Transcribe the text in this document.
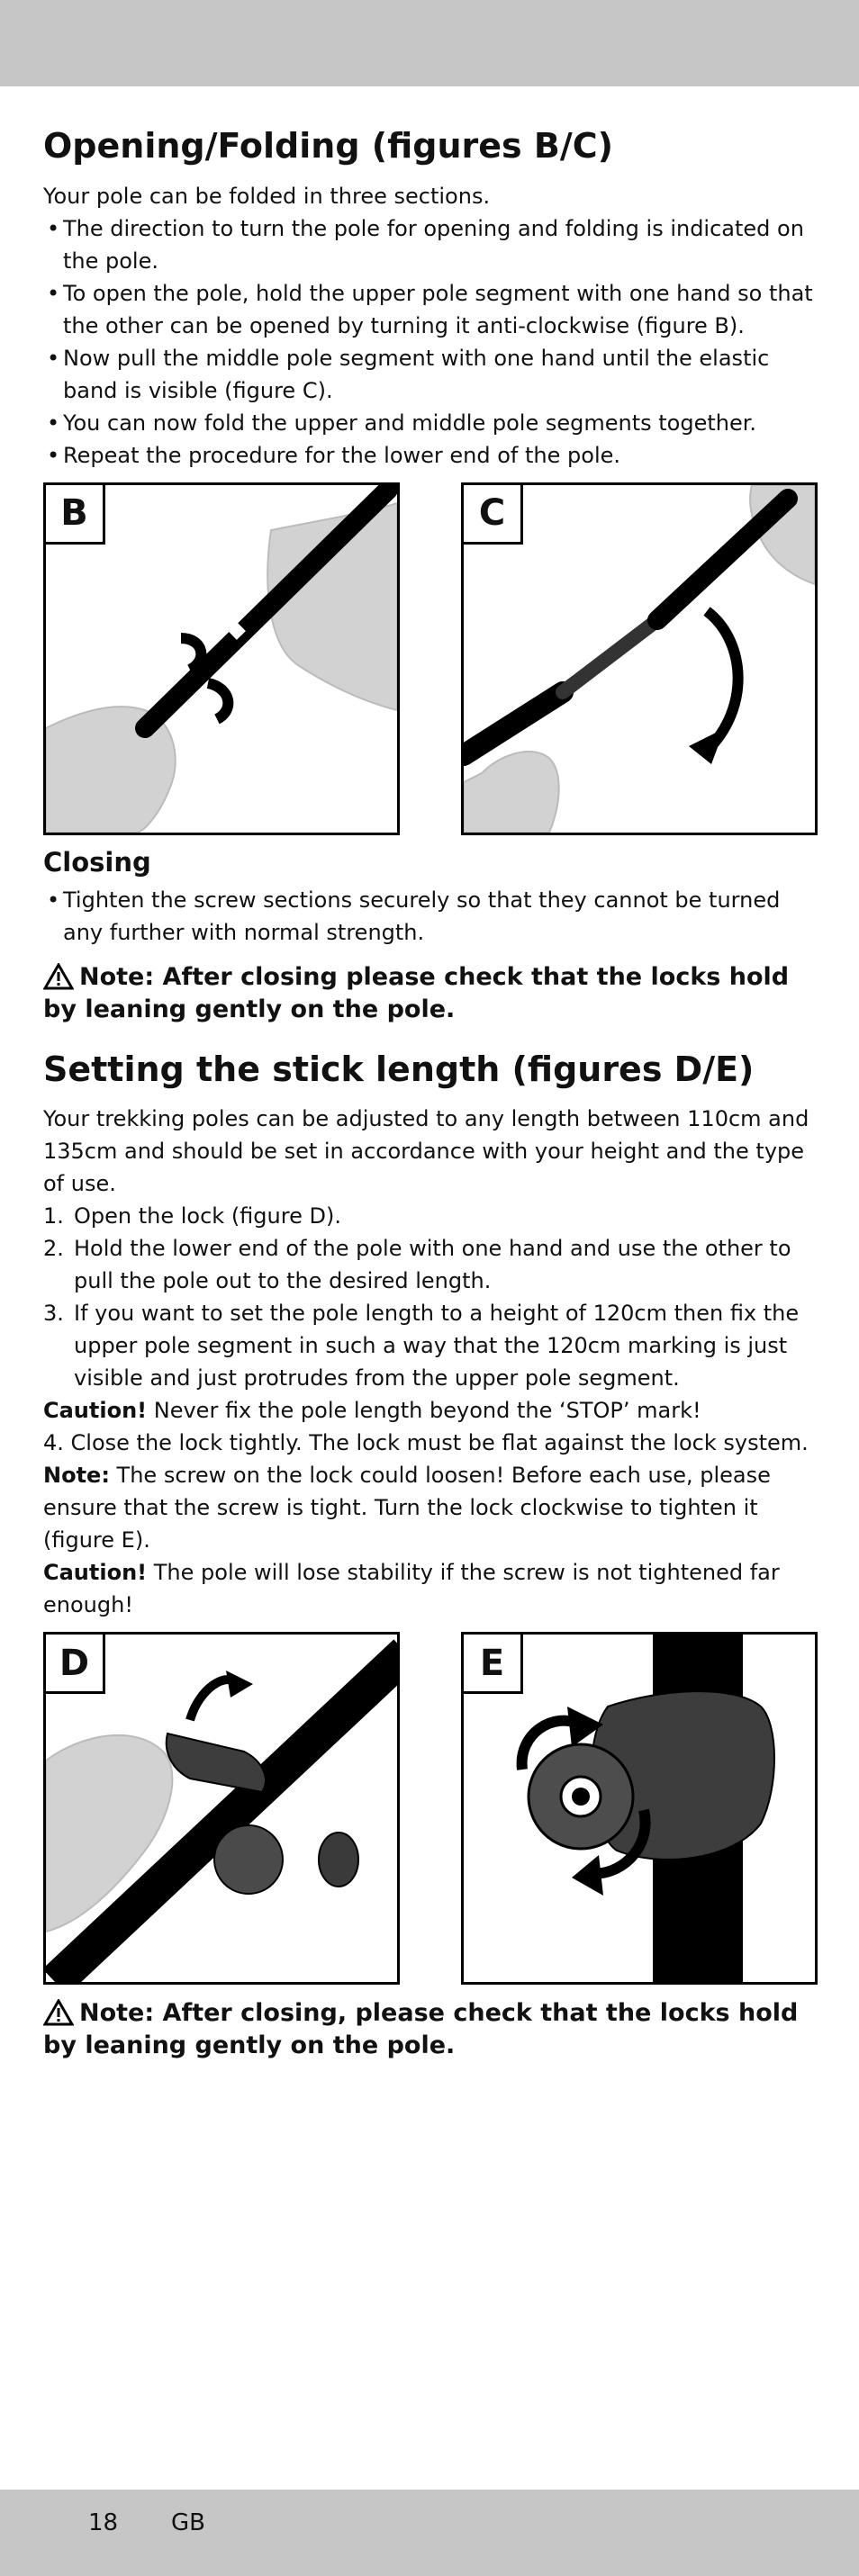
Opening/Folding (figures B/C)

Your pole can be folded in three sections.

• The direction to turn the pole for opening and folding is indicated on the pole.
• To open the pole, hold the upper pole segment with one hand so that the other can be opened by turning it anti-clockwise (figure B).
• Now pull the middle pole segment with one hand until the elastic band is visible (figure C).
• You can now fold the upper and middle pole segments together.
• Repeat the procedure for the lower end of the pole.
B	C
Closing
• Tighten the screw sections securely so that they cannot be turned any further with normal strength.
Note: After closing please check that the locks hold by leaning gently on the pole.
Setting the stick length (figures D/E)

Your trekking poles can be adjusted to any length between 110cm and 135cm and should be set in accordance with your height and the type of use.

1. Open the lock (figure D).
2. Hold the lower end of the pole with one hand and use the other to pull the pole out to the desired length.
3. If you want to set the pole length to a height of 120cm then fix the upper pole segment in such a way that the 120cm marking is just visible and just protrudes from the upper pole segment.

Caution! Never fix the pole length beyond the ‘STOP’ mark!

4. Close the lock tightly. The lock must be flat against the lock system.

Note: The screw on the lock could loosen! Before each use, please ensure that the screw is tight. Turn the lock clockwise to tighten it (figure E).

Caution! The pole will lose stability if the screw is not tightened far enough!

D	E
Note: After closing, please check that the locks hold by leaning gently on the pole.
18 GB
